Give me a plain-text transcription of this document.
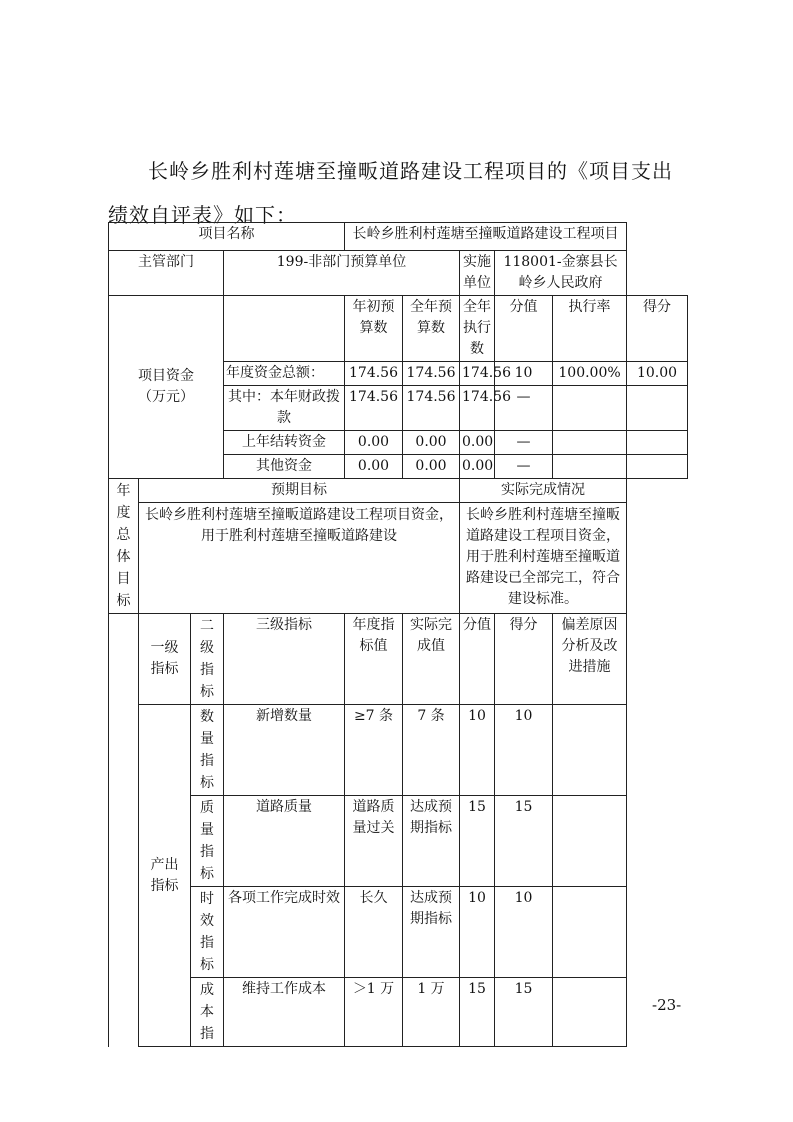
长岭乡胜利村莲塘至撞畈道路建设工程项目的《项目支出
绩效自评表》如下：
项目名称				长岭乡胜利村莲塘至撞畈道路建设工程项目					
主管部门			199-非部门预算单位			实施单位	118001-金寨县长岭乡人民政府		
项目资金（万元）				年初预算数	全年预算数	全年执行数	分值	执行率	得分
			年度资金总额：	174.56	174.56	174.56	10	100.00%	10.00
			其中：本年财政拨款	174.56	174.56	174.56	—		
			上年结转资金	0.00	0.00	0.00	—		
			其他资金	0.00	0.00	0.00	—		
年度总体目标	预期目标					实际完成情况			
	长岭乡胜利村莲塘至撞畈道路建设工程项目资金，用于胜利村莲塘至撞畈道路建设					长岭乡胜利村莲塘至撞畈道路建设工程项目资金，用于胜利村莲塘至撞畈道路建设已全部完工，符合建设标准。			
	一级指标	二级指标	三级指标	年度指标值	实际完成值	分值	得分	偏差原因分析及改进措施	
	产出指标	数量指标	新增数量	≥7 条	7 条	10	10		
		质量指标	道路质量	道路质量过关	达成预期指标	15	15		
		时效指标	各项工作完成时效	长久	达成预期指标	10	10		
		成本指	维持工作成本	＞1 万	1 万	15	15		
-23-
